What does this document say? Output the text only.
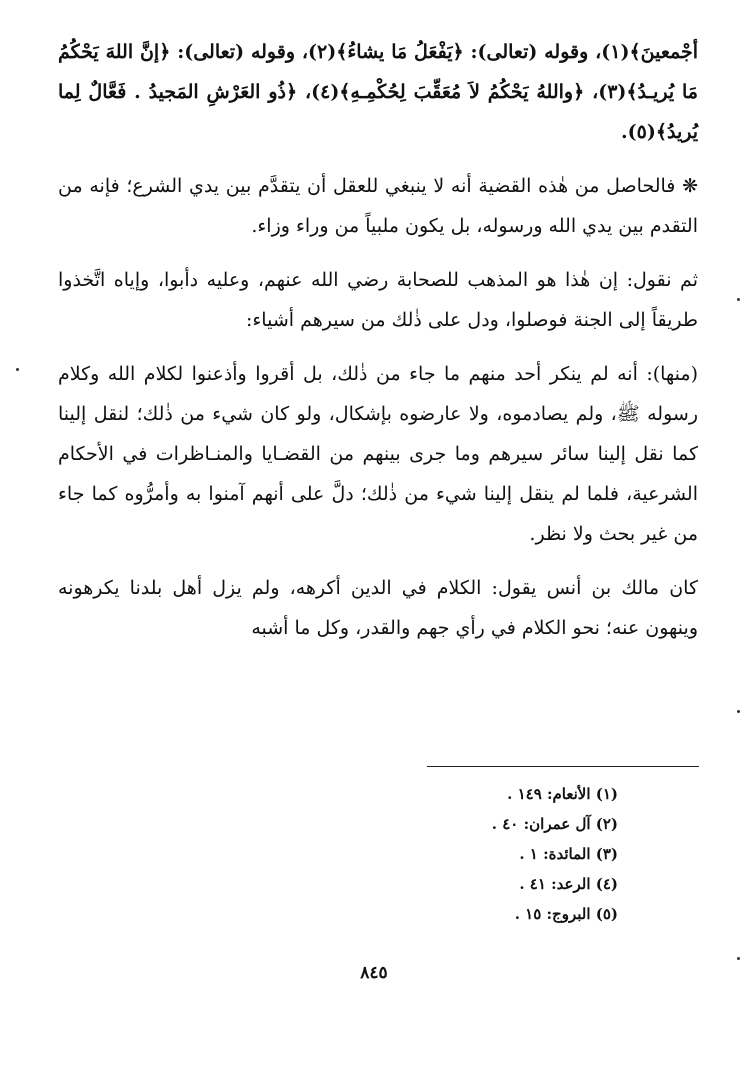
أجْمعينَ﴾(١)، وقوله (تعالى): ﴿يَفْعَلُ مَا يشاءُ﴾(٢)، وقوله (تعالى): ﴿إنَّ اللهَ يَحْكُمُ مَا يُريـدُ﴾(٣)، ﴿واللهُ يَحْكُمُ لاَ مُعَقِّبَ لِحُكْمِـهِ﴾(٤)، ﴿ذُو العَرْشِ المَجيدُ . فَعَّالٌ لِما يُريدُ﴾(٥).

❋ فالحاصل من هٰذه القضية أنه لا ينبغي للعقل أن يتقدَّم بين يدي الشرع؛ فإنه من التقدم بين يدي الله ورسوله، بل يكون ملبياً من وراء وزاء.

ثم نقول: إن هٰذا هو المذهب للصحابة رضي الله عنهم، وعليه دأبوا، وإياه اتَّخذوا طريقاً إلى الجنة فوصلوا، ودل على ذٰلك من سيرهم أشياء:

(منها): أنه لم ينكر أحد منهم ما جاء من ذٰلك، بل أقروا وأذعنوا لكلام الله وكلام رسوله ﷺ، ولم يصادموه، ولا عارضوه بإشكال، ولو كان شيء من ذٰلك؛ لنقل إلينا كما نقل إلينا سائر سيرهم وما جرى بينهم من القضـايا والمنـاظرات في الأحكام الشرعية، فلما لم ينقل إلينا شيء من ذٰلك؛ دلَّ على أنهم آمنوا به وأمرُّوه كما جاء من غير بحث ولا نظر.

كان مالك بن أنس يقول: الكلام في الدين أكرهه، ولم يزل أهل بلدنا يكرهونه وينهون عنه؛ نحو الكلام في رأي جهم والقدر، وكل ما أشبه

(١) الأنعام: ١٤٩ .
(٢) آل عمران: ٤٠ .
(٣) المائدة: ١ .
(٤) الرعد: ٤١ .
(٥) البروج: ١٥ .
٨٤٥
